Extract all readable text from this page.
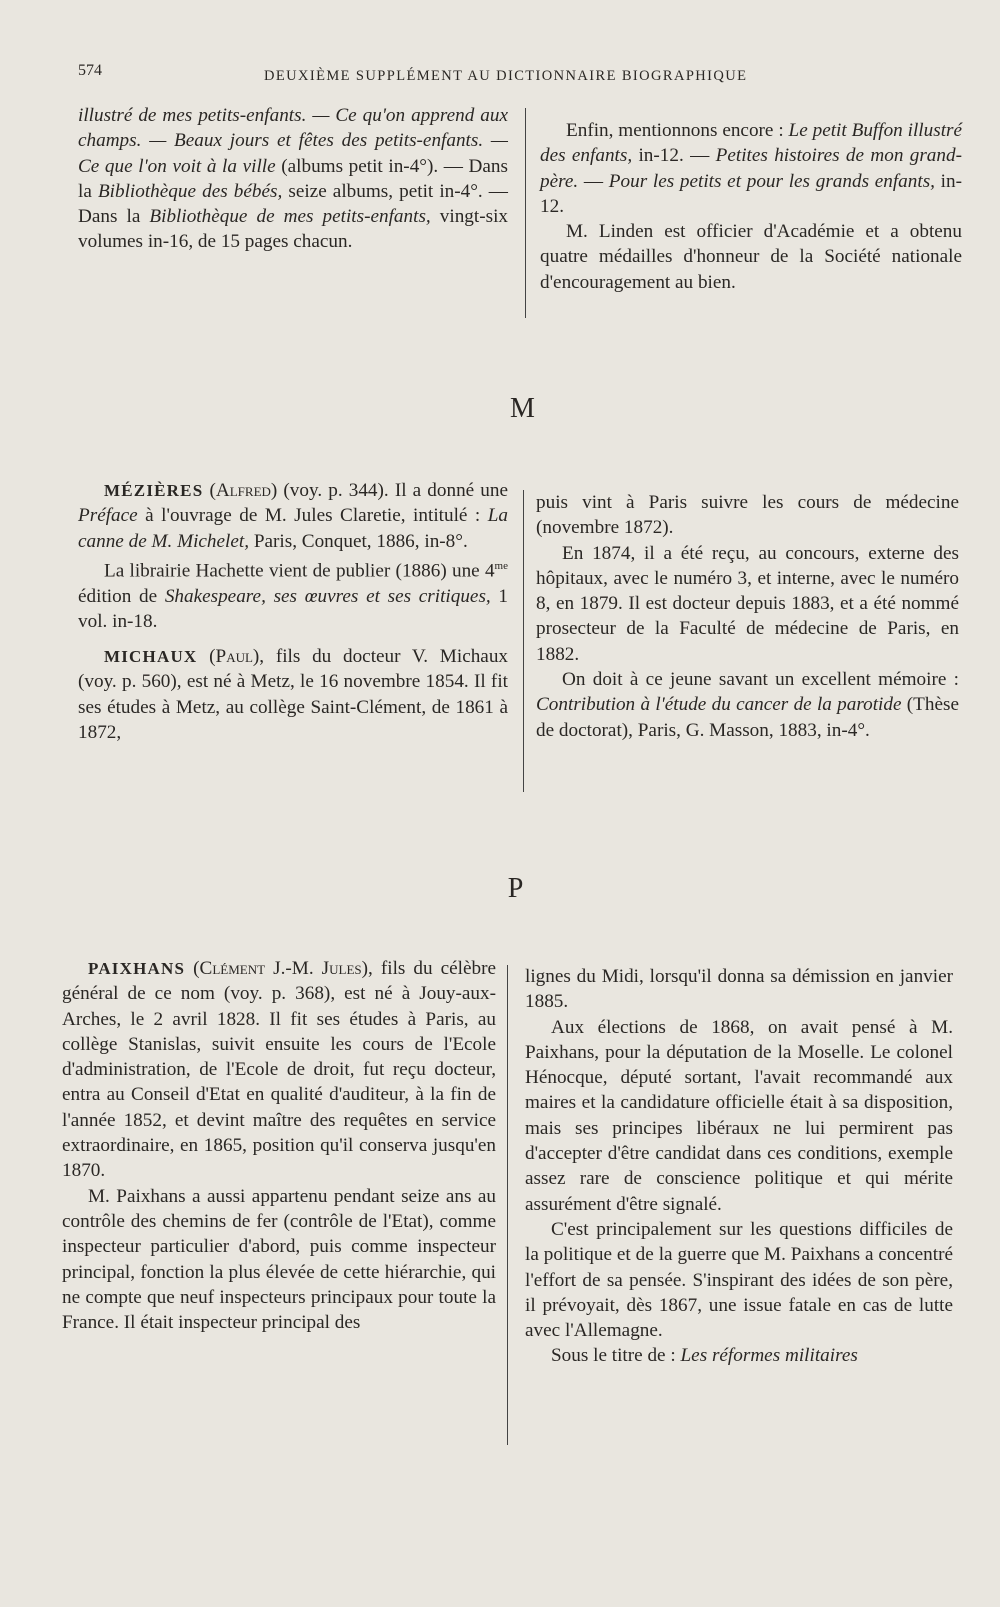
574	DEUXIÈME SUPPLÉMENT AU DICTIONNAIRE BIOGRAPHIQUE

illustré de mes petits-enfants. — Ce qu'on apprend aux champs. — Beaux jours et fêtes des petits-enfants. — Ce que l'on voit à la ville (albums petit in-4°). — Dans la Bibliothèque des bébés, seize albums, petit in-4°. — Dans la Bibliothèque de mes petits-enfants, vingt-six volumes in-16, de 15 pages chacun.

Enfin, mentionnons encore : Le petit Buffon illustré des enfants, in-12. — Petites histoires de mon grand-père. — Pour les petits et pour les grands enfants, in-12.

M. Linden est officier d'Académie et a obtenu quatre médailles d'honneur de la Société nationale d'encouragement au bien.

M

MÉZIÈRES (Alfred) (voy. p. 344). Il a donné une Préface à l'ouvrage de M. Jules Claretie, intitulé : La canne de M. Michelet, Paris, Conquet, 1886, in-8°.

La librairie Hachette vient de publier (1886) une $4^{me}$ édition de Shakespeare, ses œuvres et ses critiques, 1 vol. in-18.

MICHAUX (Paul), fils du docteur V. Michaux (voy. p. 560), est né à Metz, le 16 novembre 1854. Il fit ses études à Metz, au collège Saint-Clément, de 1861 à 1872,

puis vint à Paris suivre les cours de médecine (novembre 1872).

En 1874, il a été reçu, au concours, externe des hôpitaux, avec le numéro 3, et interne, avec le numéro 8, en 1879. Il est docteur depuis 1883, et a été nommé prosecteur de la Faculté de médecine de Paris, en 1882.

On doit à ce jeune savant un excellent mémoire : Contribution à l'étude du cancer de la parotide (Thèse de doctorat), Paris, G. Masson, 1883, in-4°.

P

PAIXHANS (Clément J.-M. Jules), fils du célèbre général de ce nom (voy. p. 368), est né à Jouy-aux-Arches, le 2 avril 1828. Il fit ses études à Paris, au collège Stanislas, suivit ensuite les cours de l'Ecole d'administration, de l'Ecole de droit, fut reçu docteur, entra au Conseil d'Etat en qualité d'auditeur, à la fin de l'année 1852, et devint maître des requêtes en service extraordinaire, en 1865, position qu'il conserva jusqu'en 1870.

M. Paixhans a aussi appartenu pendant seize ans au contrôle des chemins de fer (contrôle de l'Etat), comme inspecteur particulier d'abord, puis comme inspecteur principal, fonction la plus élevée de cette hiérarchie, qui ne compte que neuf inspecteurs principaux pour toute la France. Il était inspecteur principal des

lignes du Midi, lorsqu'il donna sa démission en janvier 1885.

Aux élections de 1868, on avait pensé à M. Paixhans, pour la députation de la Moselle. Le colonel Hénocque, député sortant, l'avait recommandé aux maires et la candidature officielle était à sa disposition, mais ses principes libéraux ne lui permirent pas d'accepter d'être candidat dans ces conditions, exemple assez rare de conscience politique et qui mérite assurément d'être signalé.

C'est principalement sur les questions difficiles de la politique et de la guerre que M. Paixhans a concentré l'effort de sa pensée. S'inspirant des idées de son père, il prévoyait, dès 1867, une issue fatale en cas de lutte avec l'Allemagne.

Sous le titre de : Les réformes militaires
